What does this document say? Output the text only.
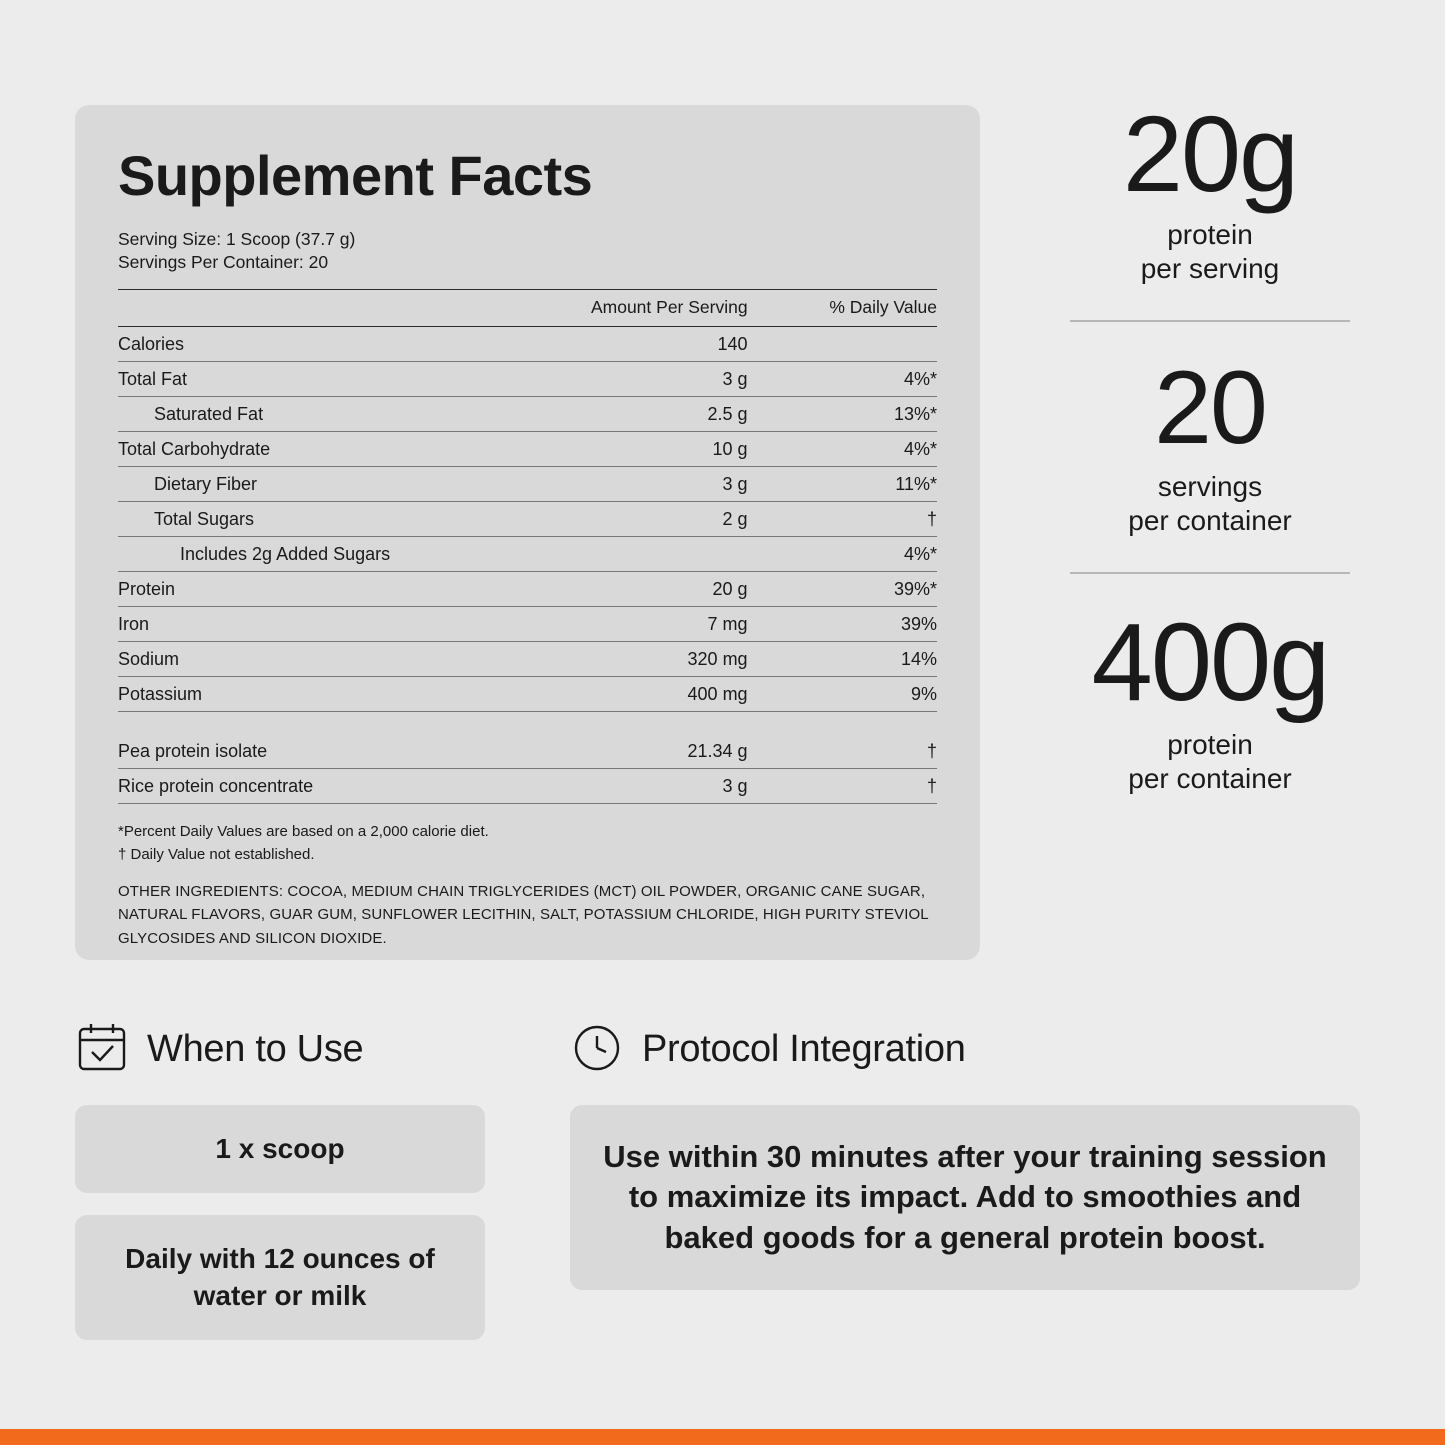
Supplement Facts
Serving Size: 1 Scoop (37.7 g)
Servings Per Container: 20
	Amount Per Serving	% Daily Value
Calories	140	
Total Fat	3 g	4%*
Saturated Fat	2.5 g	13%*
Total Carbohydrate	10 g	4%*
Dietary Fiber	3 g	11%*
Total Sugars	2 g	†
Includes 2g Added Sugars		4%*
Protein	20 g	39%*
Iron	7 mg	39%
Sodium	320 mg	14%
Potassium	400 mg	9%

Pea protein isolate	21.34 g	†
Rice protein concentrate	3 g	†

*Percent Daily Values are based on a 2,000 calorie diet.
† Daily Value not established.
OTHER INGREDIENTS: COCOA, MEDIUM CHAIN TRIGLYCERIDES (MCT) OIL POWDER, ORGANIC CANE SUGAR, NATURAL FLAVORS, GUAR GUM, SUNFLOWER LECITHIN, SALT, POTASSIUM CHLORIDE, HIGH PURITY STEVIOL GLYCOSIDES AND SILICON DIOXIDE.
20g
protein
per serving
20
servings
per container
400g
protein
per container
When to Use
1 x scoop
Daily with 12 ounces of water or milk
Protocol Integration
Use within 30 minutes after your training session to maximize its impact. Add to smoothies and baked goods for a general protein boost.
